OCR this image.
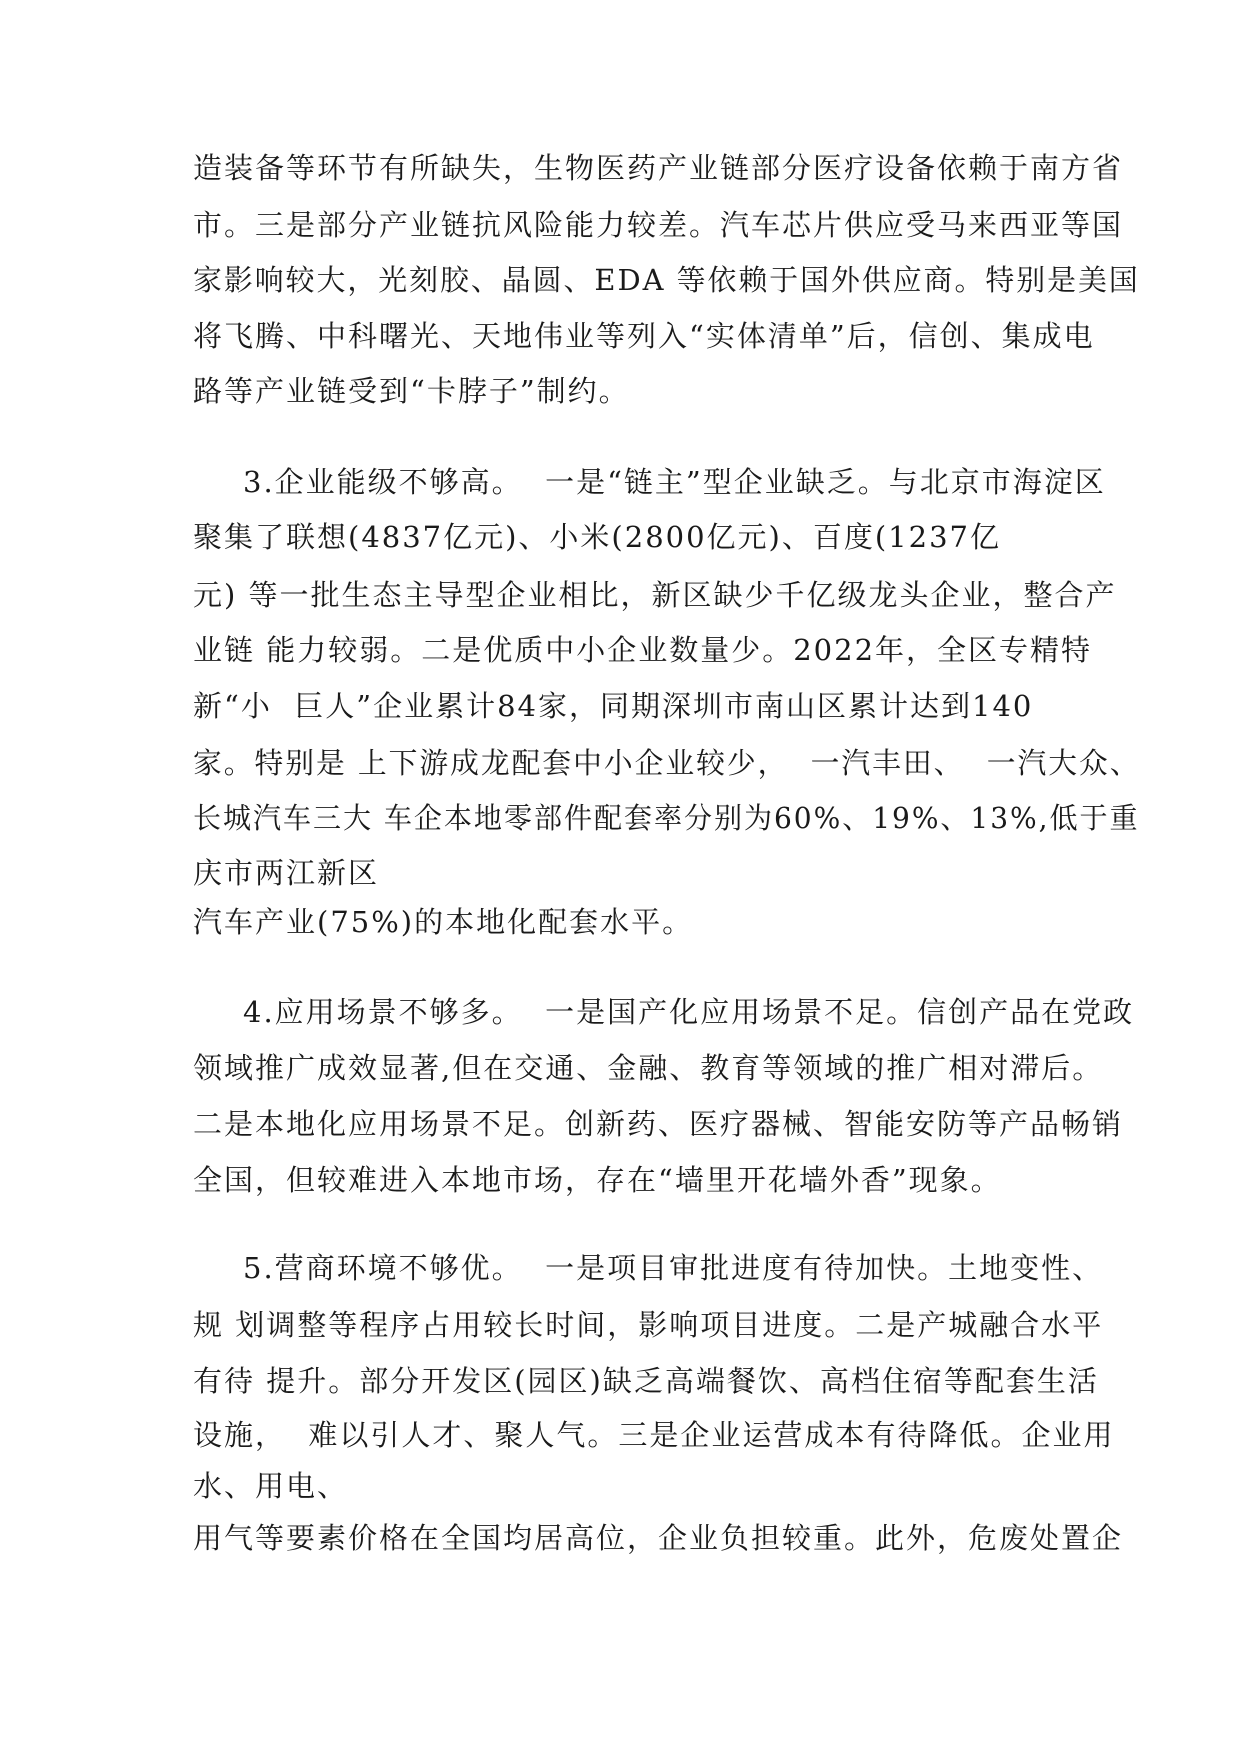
造装备等环节有所缺失，生物医药产业链部分医疗设备依赖于南方省

市。三是部分产业链抗风险能力较差。汽车芯片供应受马来西亚等国

家影响较大，光刻胶、晶圆、EDA 等依赖于国外供应商。特别是美国

将飞腾、中科曙光、天地伟业等列入“实体清单”后，信创、集成电

路等产业链受到“卡脖子”制约。

3.企业能级不够高。  一是“链主”型企业缺乏。与北京市海淀区

聚集了联想(4837亿元)、小米(2800亿元)、百度(1237亿

元) 等一批生态主导型企业相比，新区缺少千亿级龙头企业，整合产

业链 能力较弱。二是优质中小企业数量少。2022年，全区专精特

新“小  巨人”企业累计84家，同期深圳市南山区累计达到140

家。特别是 上下游成龙配套中小企业较少，  一汽丰田、  一汽大众、

长城汽车三大 车企本地零部件配套率分别为60%、19%、13%,低于重

庆市两江新区

汽车产业(75%)的本地化配套水平。

4.应用场景不够多。  一是国产化应用场景不足。信创产品在党政

领域推广成效显著,但在交通、金融、教育等领域的推广相对滞后。

二是本地化应用场景不足。创新药、医疗器械、智能安防等产品畅销

全国，但较难进入本地市场，存在“墙里开花墙外香”现象。

5.营商环境不够优。  一是项目审批进度有待加快。土地变性、

规 划调整等程序占用较长时间，影响项目进度。二是产城融合水平

有待 提升。部分开发区(园区)缺乏高端餐饮、高档住宿等配套生活

设施，  难以引人才、聚人气。三是企业运营成本有待降低。企业用

水、用电、

用气等要素价格在全国均居高位，企业负担较重。此外，危废处置企
